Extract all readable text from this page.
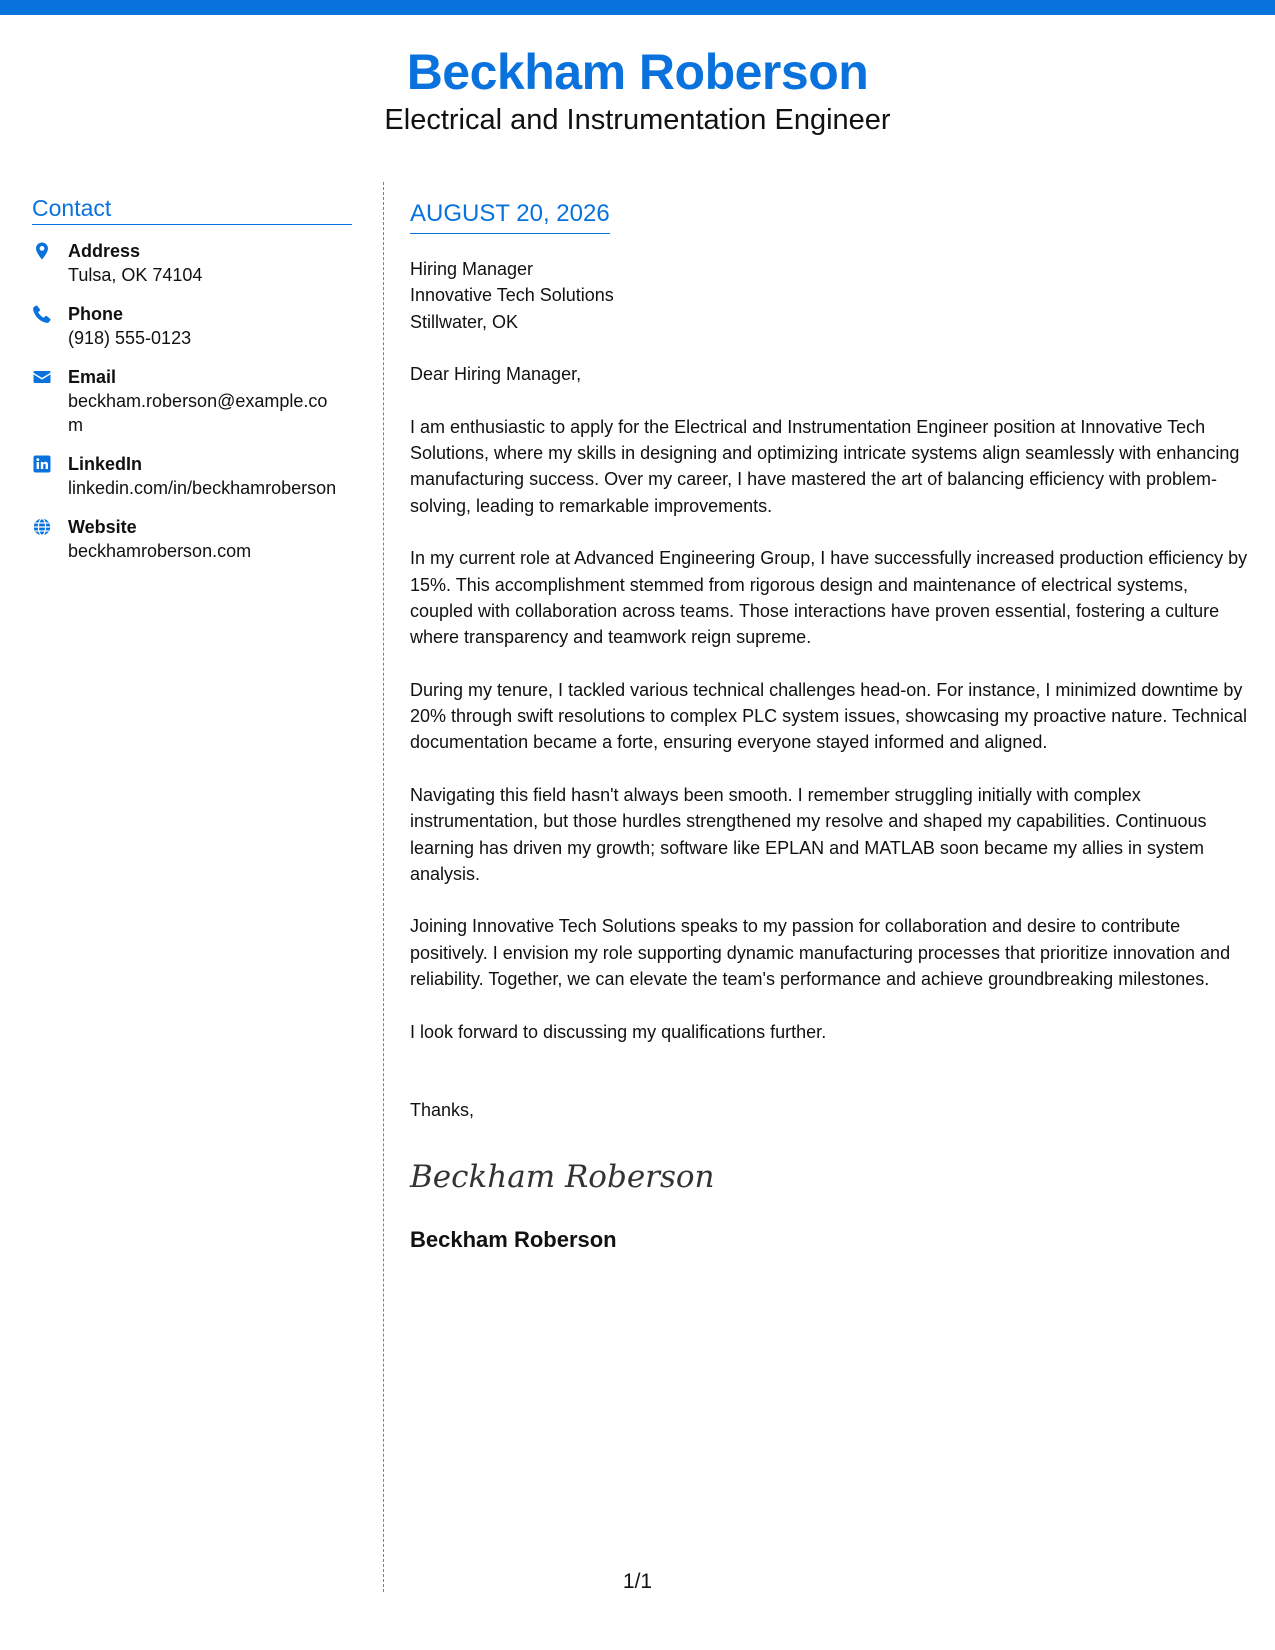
Beckham Roberson
Electrical and Instrumentation Engineer
Contact
Address
Tulsa, OK 74104
Phone
(918) 555-0123
Email
beckham.roberson@example.com
LinkedIn
linkedin.com/in/beckhamroberson
Website
beckhamroberson.com
AUGUST 20, 2026
Hiring Manager
Innovative Tech Solutions
Stillwater, OK
Dear Hiring Manager,
I am enthusiastic to apply for the Electrical and Instrumentation Engineer position at Innovative Tech Solutions, where my skills in designing and optimizing intricate systems align seamlessly with enhancing manufacturing success. Over my career, I have mastered the art of balancing efficiency with problem-solving, leading to remarkable improvements.
In my current role at Advanced Engineering Group, I have successfully increased production efficiency by 15%. This accomplishment stemmed from rigorous design and maintenance of electrical systems, coupled with collaboration across teams. Those interactions have proven essential, fostering a culture where transparency and teamwork reign supreme.
During my tenure, I tackled various technical challenges head-on. For instance, I minimized downtime by 20% through swift resolutions to complex PLC system issues, showcasing my proactive nature. Technical documentation became a forte, ensuring everyone stayed informed and aligned.
Navigating this field hasn't always been smooth. I remember struggling initially with complex instrumentation, but those hurdles strengthened my resolve and shaped my capabilities. Continuous learning has driven my growth; software like EPLAN and MATLAB soon became my allies in system analysis.
Joining Innovative Tech Solutions speaks to my passion for collaboration and desire to contribute positively. I envision my role supporting dynamic manufacturing processes that prioritize innovation and reliability. Together, we can elevate the team's performance and achieve groundbreaking milestones.
I look forward to discussing my qualifications further.
Thanks,
Beckham Roberson
Beckham Roberson
1/1
